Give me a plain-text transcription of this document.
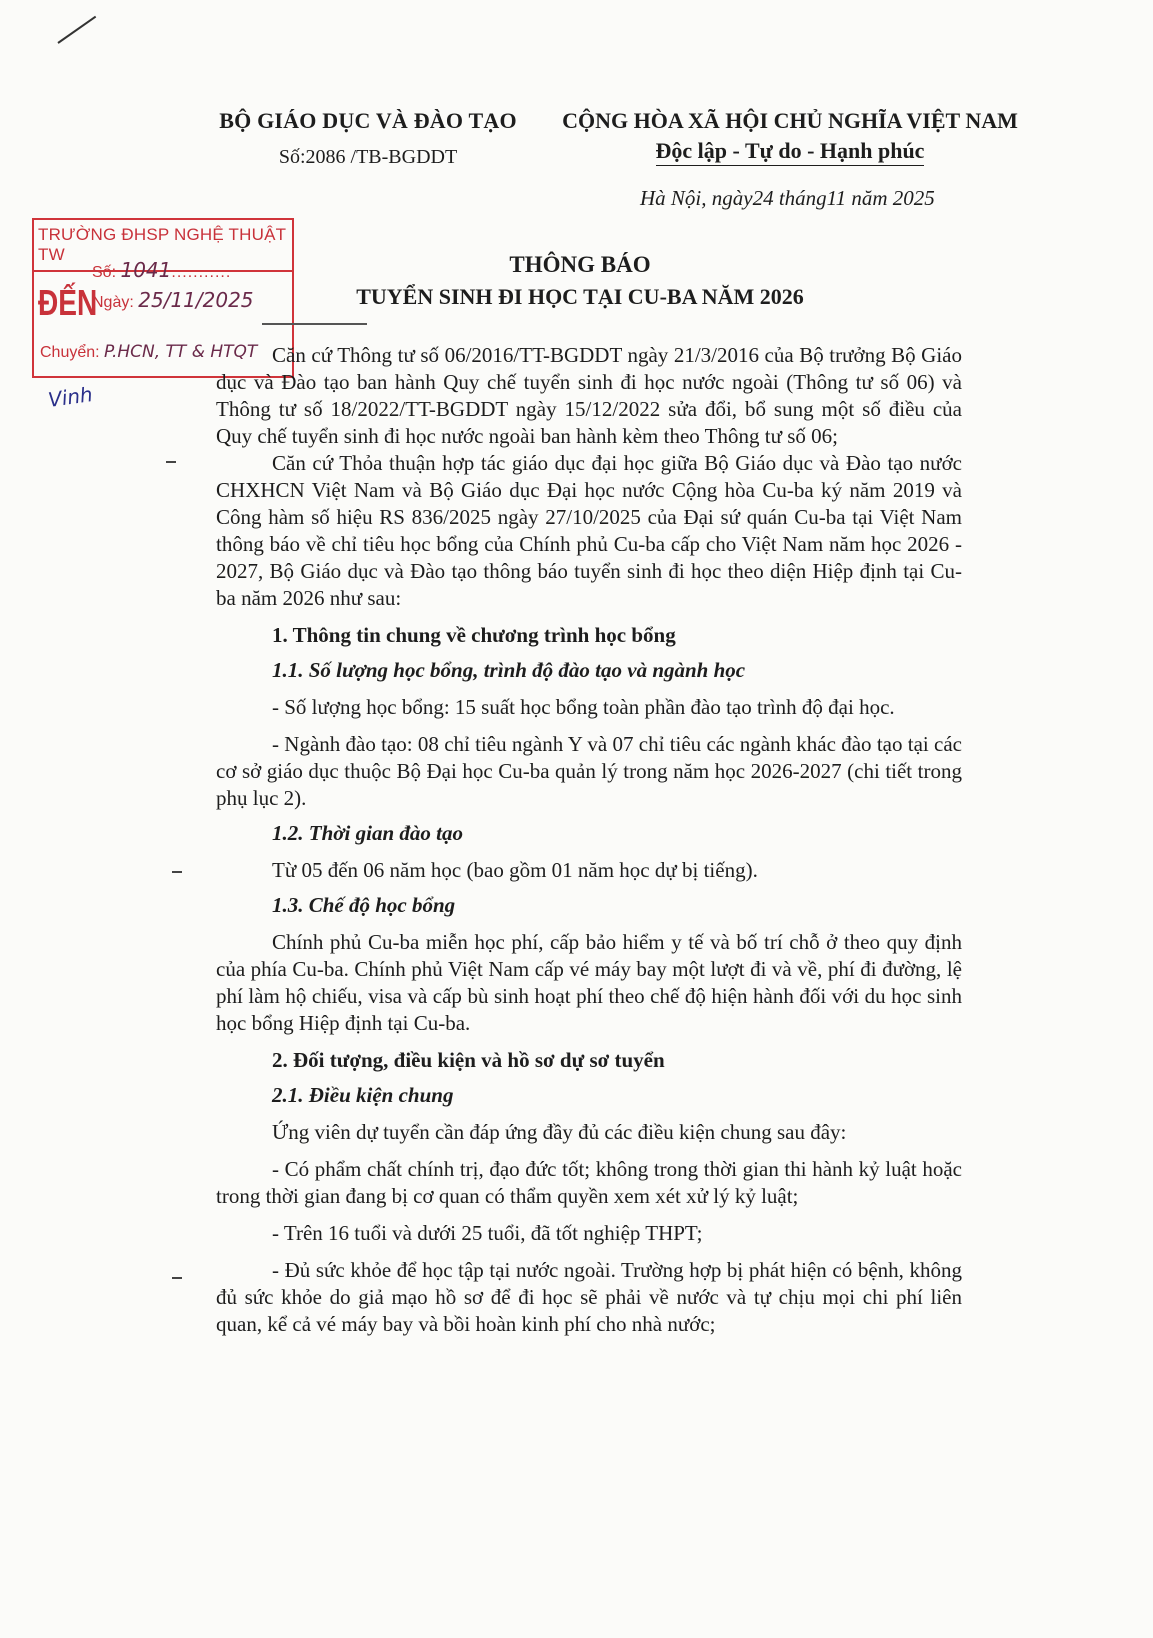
BỘ GIÁO DỤC VÀ ĐÀO TẠO
Số:2086 /TB-BGDDT
CỘNG HÒA XÃ HỘI CHỦ NGHĨA VIỆT NAM
Độc lập - Tự do - Hạnh phúc
Hà Nội, ngày24 tháng11 năm 2025
TRƯỜNG ĐHSP NGHỆ THUẬT TW
ĐẾN
Số: 1041...........
Ngày: 25/11/2025
Chuyển: P.HCN, TT & HTQT
Vinh
THÔNG BÁO
TUYỂN SINH ĐI HỌC TẠI CU-BA NĂM 2026

Căn cứ Thông tư số 06/2016/TT-BGDDT ngày 21/3/2016 của Bộ trưởng Bộ Giáo dục và Đào tạo ban hành Quy chế tuyển sinh đi học nước ngoài (Thông tư số 06) và Thông tư số 18/2022/TT-BGDDT ngày 15/12/2022 sửa đổi, bổ sung một số điều của Quy chế tuyển sinh đi học nước ngoài ban hành kèm theo Thông tư số 06;

Căn cứ Thỏa thuận hợp tác giáo dục đại học giữa Bộ Giáo dục và Đào tạo nước CHXHCN Việt Nam và Bộ Giáo dục Đại học nước Cộng hòa Cu-ba ký năm 2019 và Công hàm số hiệu RS 836/2025 ngày 27/10/2025 của Đại sứ quán Cu-ba tại Việt Nam thông báo về chỉ tiêu học bổng của Chính phủ Cu-ba cấp cho Việt Nam năm học 2026 - 2027, Bộ Giáo dục và Đào tạo thông báo tuyển sinh đi học theo diện Hiệp định tại Cu-ba năm 2026 như sau:

1. Thông tin chung về chương trình học bổng
1.1. Số lượng học bổng, trình độ đào tạo và ngành học

- Số lượng học bổng: 15 suất học bổng toàn phần đào tạo trình độ đại học.

- Ngành đào tạo: 08 chỉ tiêu ngành Y và 07 chỉ tiêu các ngành khác đào tạo tại các cơ sở giáo dục thuộc Bộ Đại học Cu-ba quản lý trong năm học 2026-2027 (chi tiết trong phụ lục 2).

1.2. Thời gian đào tạo

Từ 05 đến 06 năm học (bao gồm 01 năm học dự bị tiếng).

1.3. Chế độ học bổng

Chính phủ Cu-ba miễn học phí, cấp bảo hiểm y tế và bố trí chỗ ở theo quy định của phía Cu-ba. Chính phủ Việt Nam cấp vé máy bay một lượt đi và về, phí đi đường, lệ phí làm hộ chiếu, visa và cấp bù sinh hoạt phí theo chế độ hiện hành đối với du học sinh học bổng Hiệp định tại Cu-ba.

2. Đối tượng, điều kiện và hồ sơ dự sơ tuyển
2.1. Điều kiện chung

Ứng viên dự tuyển cần đáp ứng đầy đủ các điều kiện chung sau đây:

- Có phẩm chất chính trị, đạo đức tốt; không trong thời gian thi hành kỷ luật hoặc trong thời gian đang bị cơ quan có thẩm quyền xem xét xử lý kỷ luật;

- Trên 16 tuổi và dưới 25 tuổi, đã tốt nghiệp THPT;

- Đủ sức khỏe để học tập tại nước ngoài. Trường hợp bị phát hiện có bệnh, không đủ sức khỏe do giả mạo hồ sơ để đi học sẽ phải về nước và tự chịu mọi chi phí liên quan, kể cả vé máy bay và bồi hoàn kinh phí cho nhà nước;
